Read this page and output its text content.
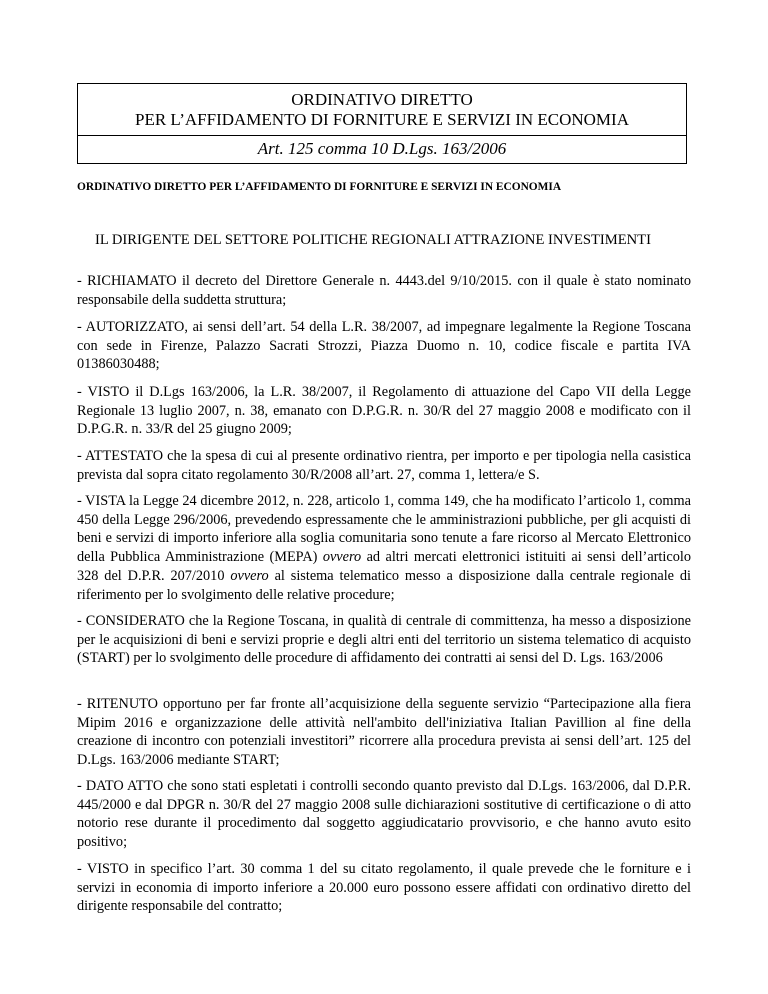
ORDINATIVO DIRETTO
PER L’AFFIDAMENTO DI FORNITURE E SERVIZI IN ECONOMIA
Art. 125 comma 10 D.Lgs. 163/2006
ORDINATIVO DIRETTO PER L’AFFIDAMENTO DI FORNITURE E SERVIZI IN ECONOMIA
IL DIRIGENTE DEL SETTORE POLITICHE REGIONALI ATTRAZIONE INVESTIMENTI

- RICHIAMATO il decreto del Direttore Generale n. 4443.del 9/10/2015. con il quale è stato nominato responsabile della suddetta struttura;

- AUTORIZZATO, ai sensi dell’art. 54 della L.R. 38/2007, ad impegnare legalmente la Regione Toscana con sede in Firenze, Palazzo Sacrati Strozzi, Piazza Duomo n. 10, codice fiscale e partita IVA 01386030488;

- VISTO il D.Lgs 163/2006, la L.R. 38/2007, il Regolamento di attuazione del Capo VII della Legge Regionale 13 luglio 2007, n. 38, emanato con D.P.G.R. n. 30/R del 27 maggio 2008 e modificato con il D.P.G.R. n. 33/R del 25 giugno 2009;

- ATTESTATO che la spesa di cui al presente ordinativo rientra, per importo e per tipologia nella casistica prevista dal sopra citato regolamento 30/R/2008 all’art. 27, comma 1, lettera/e S.

- VISTA la Legge 24 dicembre 2012, n. 228, articolo 1, comma 149, che ha modificato l’articolo 1, comma 450 della Legge 296/2006, prevedendo espressamente che le amministrazioni pubbliche, per gli acquisti di beni e servizi di importo inferiore alla soglia comunitaria sono tenute a fare ricorso al Mercato Elettronico della Pubblica Amministrazione (MEPA) ovvero ad altri mercati elettronici istituiti ai sensi dell’articolo 328 del D.P.R. 207/2010 ovvero al sistema telematico messo a disposizione dalla centrale regionale di riferimento per lo svolgimento delle relative procedure;

- CONSIDERATO che la Regione Toscana, in qualità di centrale di committenza, ha messo a disposizione per le acquisizioni di beni e servizi proprie e degli altri enti del territorio un sistema telematico di acquisto (START) per lo svolgimento delle procedure di affidamento dei contratti ai sensi del D. Lgs. 163/2006

- RITENUTO opportuno per far fronte all’acquisizione della seguente servizio “Partecipazione alla fiera Mipim 2016 e organizzazione delle attività nell'ambito dell'iniziativa Italian Pavillion al fine della creazione di incontro con potenziali investitori” ricorrere alla procedura prevista ai sensi dell’art. 125 del D.Lgs. 163/2006 mediante START;

- DATO ATTO che sono stati espletati i controlli secondo quanto previsto dal D.Lgs. 163/2006, dal D.P.R. 445/2000 e dal DPGR n. 30/R del 27 maggio 2008 sulle dichiarazioni sostitutive di certificazione o di atto notorio rese durante il procedimento dal soggetto aggiudicatario provvisorio, e che hanno avuto esito positivo;

- VISTO in specifico l’art. 30 comma 1 del su citato regolamento, il quale prevede che le forniture e i servizi in economia di importo inferiore a 20.000 euro possono essere affidati con ordinativo diretto del dirigente responsabile del contratto;
